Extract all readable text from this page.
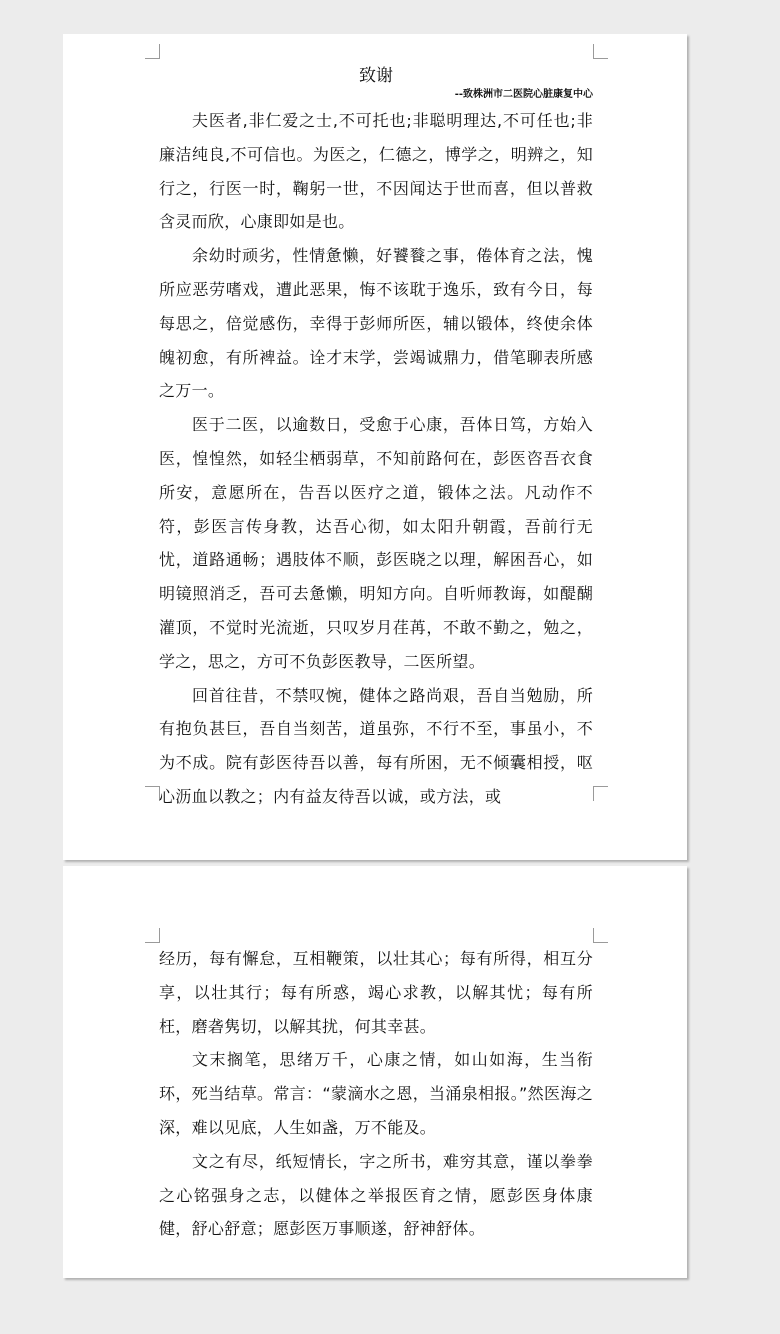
致谢

--致株洲市二医院心脏康复中心

夫医者,非仁爱之士,不可托也;非聪明理达,不可任也;非廉洁纯良,不可信也。为医之，仁德之，博学之，明辨之，知行之，行医一时，鞠躬一世，不因闻达于世而喜，但以普救含灵而欣，心康即如是也。

余幼时顽劣，性情惫懒，好饕餮之事，倦体育之法，愧所应恶劳嗜戏，遭此恶果，悔不该耽于逸乐，致有今日，每每思之，倍觉感伤，幸得于彭师所医，辅以锻体，终使余体魄初愈，有所裨益。诠才末学，尝竭诚鼎力，借笔聊表所感之万一。

医于二医，以逾数日，受愈于心康，吾体日笃，方始入医，惶惶然，如轻尘栖弱草，不知前路何在，彭医咨吾衣食所安，意愿所在，告吾以医疗之道，锻体之法。凡动作不符，彭医言传身教，达吾心彻，如太阳升朝霞，吾前行无忧，道路通畅；遇肢体不顺，彭医晓之以理，解困吾心，如明镜照消乏，吾可去惫懒，明知方向。自听师教诲，如醍醐灌顶，不觉时光流逝，只叹岁月荏苒，不敢不勤之，勉之，学之，思之，方可不负彭医教导，二医所望。

回首往昔，不禁叹惋，健体之路尚艰，吾自当勉励，所有抱负甚巨，吾自当刻苦，道虽弥，不行不至，事虽小，不为不成。院有彭医待吾以善，每有所困，无不倾囊相授，呕心沥血以教之；内有益友待吾以诚，或方法，或

经历，每有懈怠，互相鞭策，以壮其心；每有所得，相互分享，以壮其行；每有所惑，竭心求教，以解其忧；每有所枉，磨砻隽切，以解其扰，何其幸甚。

文末搁笔，思绪万千，心康之情，如山如海，生当衔环，死当结草。常言：“蒙滴水之恩，当涌泉相报。”然医海之深，难以见底，人生如盏，万不能及。

文之有尽，纸短情长，字之所书，难穷其意，谨以拳拳之心铭强身之志，以健体之举报医育之情，愿彭医身体康健，舒心舒意；愿彭医万事顺遂，舒神舒体。
